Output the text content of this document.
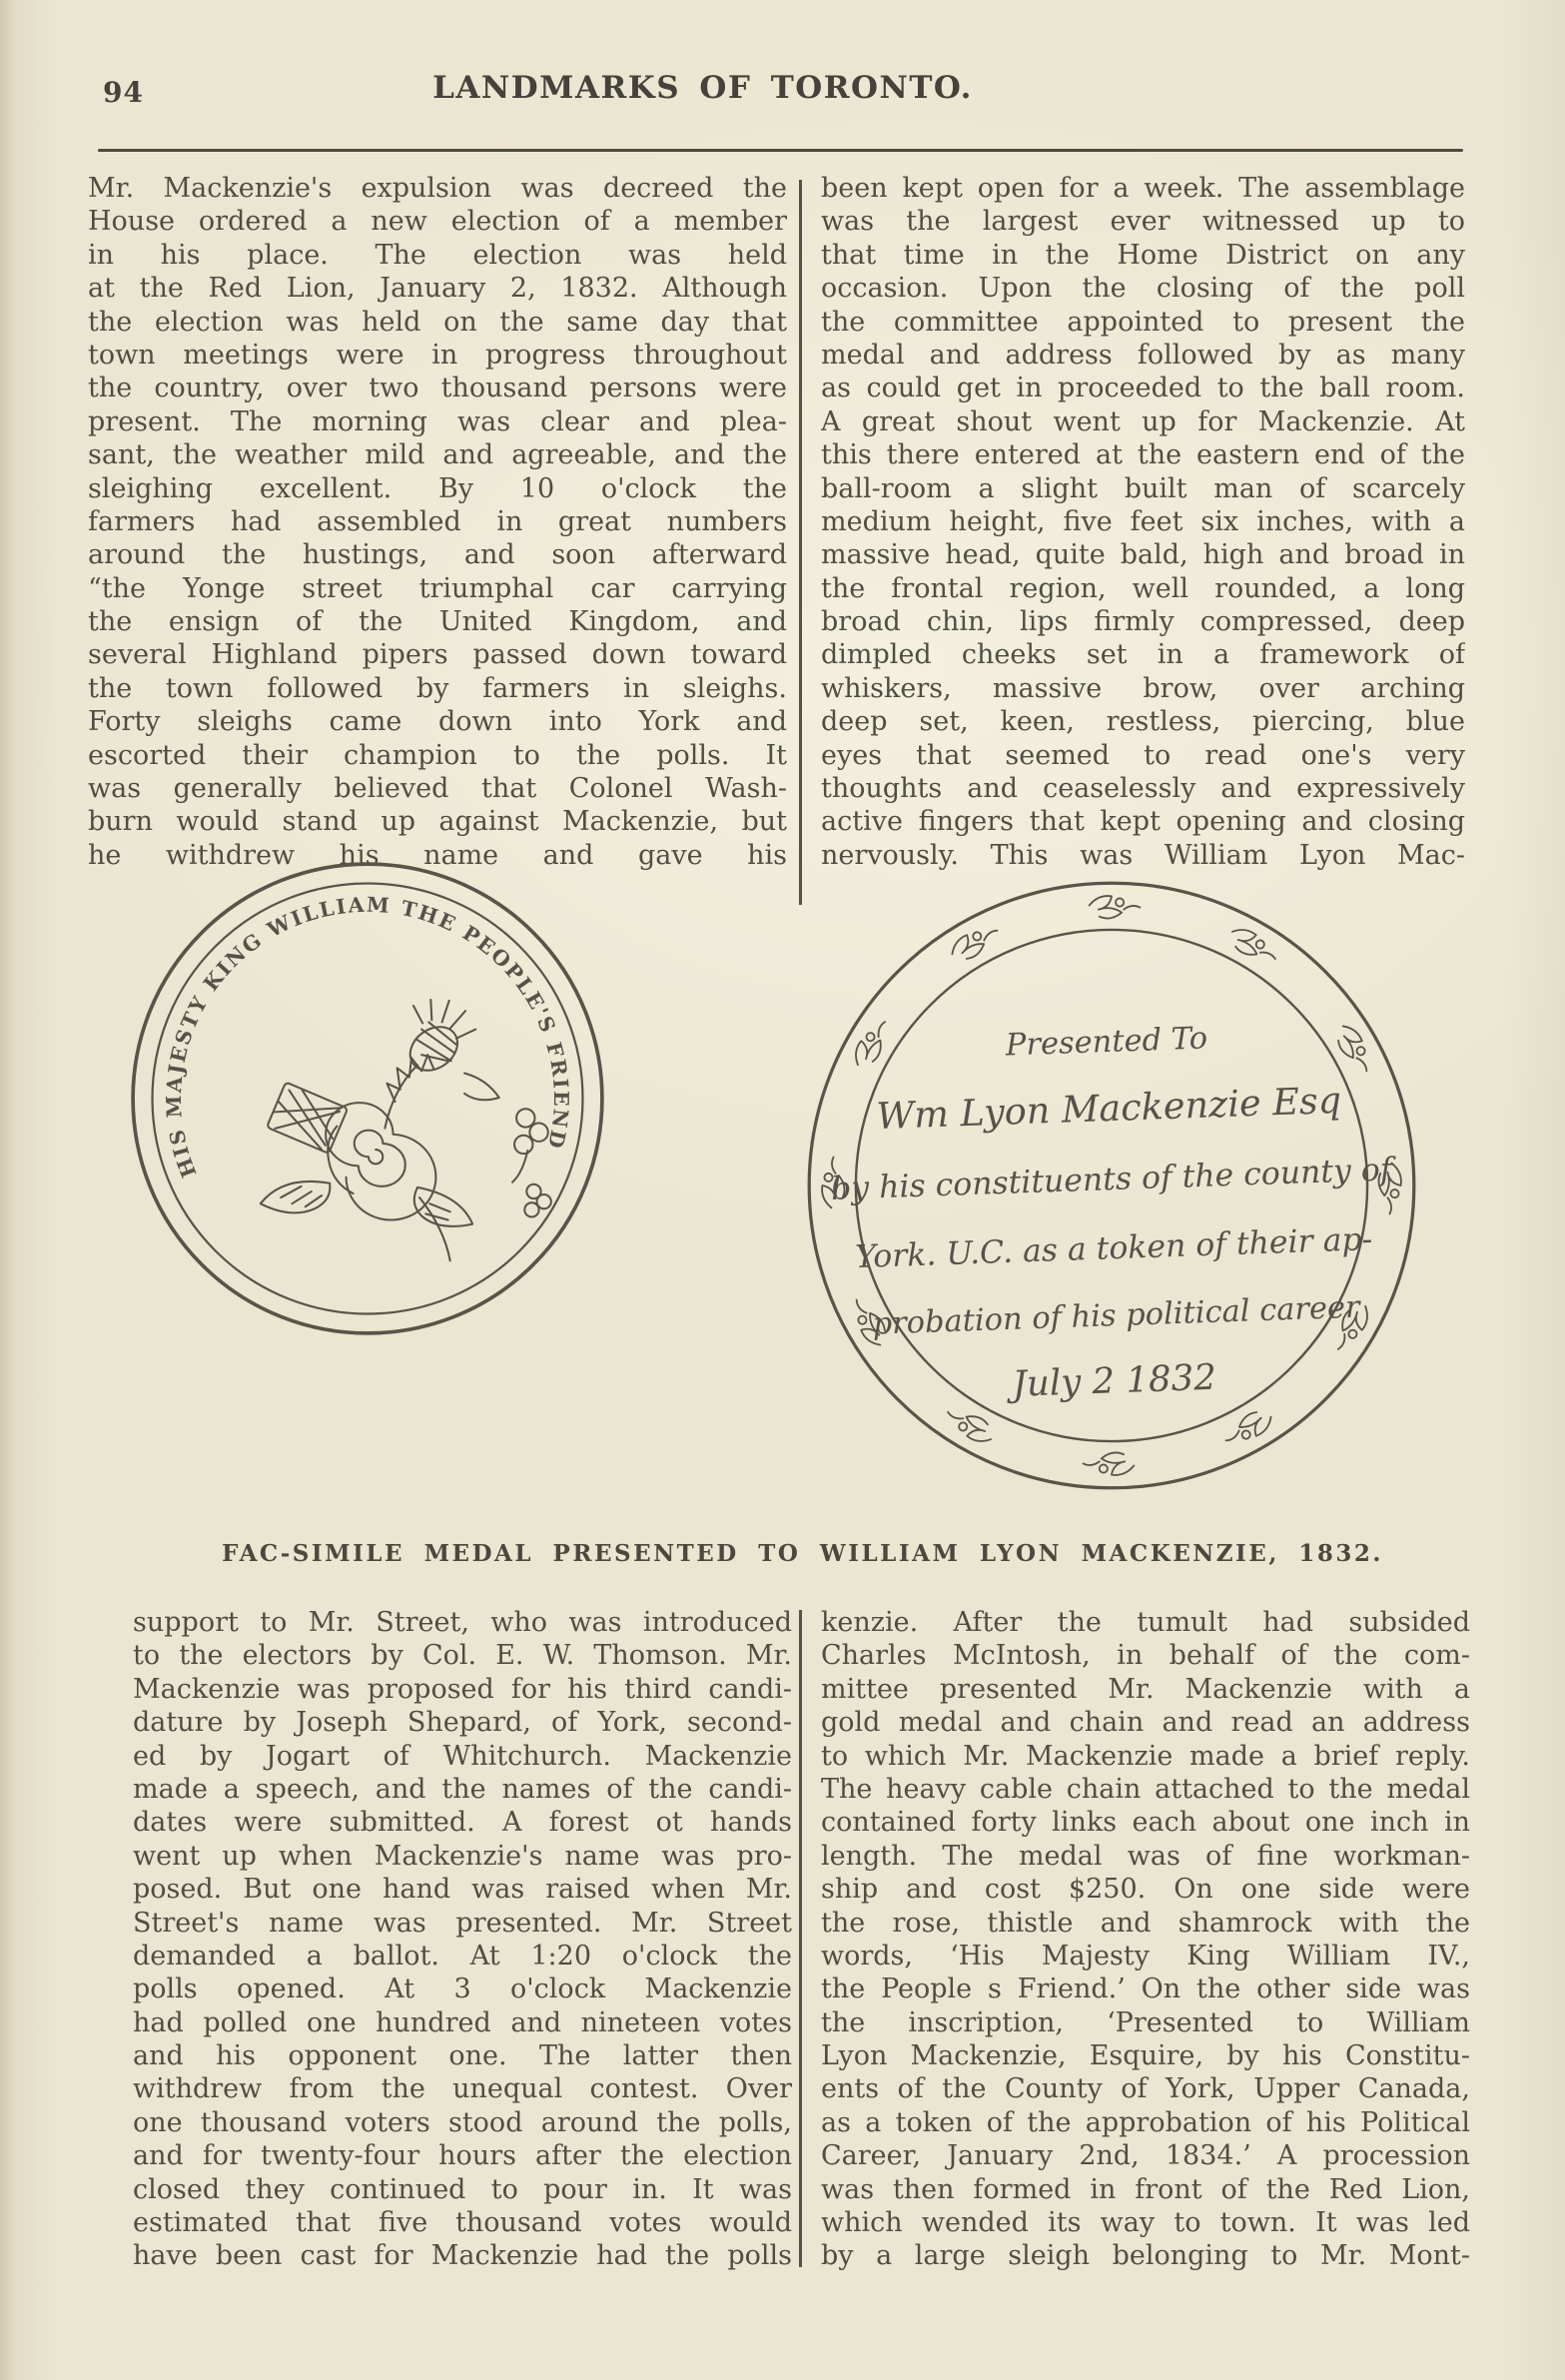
94	LANDMARKS OF TORONTO.
Mr. Mackenzie's expulsion was decreed the
House ordered a new election of a member
in his place. The election was held
at the Red Lion, January 2, 1832. Although
the election was held on the same day that
town meetings were in progress throughout
the country, over two thousand persons were
present. The morning was clear and plea-
sant, the weather mild and agreeable, and the
sleighing excellent. By 10 o'clock the
farmers had assembled in great numbers
around the hustings, and soon afterward
“the Yonge street triumphal car carrying
the ensign of the United Kingdom, and
several Highland pipers passed down toward
the town followed by farmers in sleighs.
Forty sleighs came down into York and
escorted their champion to the polls. It
was generally believed that Colonel Wash-
burn would stand up against Mackenzie, but
he withdrew his name and gave his
been kept open for a week. The assemblage
was the largest ever witnessed up to
that time in the Home District on any
occasion. Upon the closing of the poll
the committee appointed to present the
medal and address followed by as many
as could get in proceeded to the ball room.
A great shout went up for Mackenzie. At
this there entered at the eastern end of the
ball-room a slight built man of scarcely
medium height, five feet six inches, with a
massive head, quite bald, high and broad in
the frontal region, well rounded, a long
broad chin, lips firmly compressed, deep
dimpled cheeks set in a framework of
whiskers, massive brow, over arching
deep set, keen, restless, piercing, blue
eyes that seemed to read one's very
thoughts and ceaselessly and expressively
active fingers that kept opening and closing
nervously. This was William Lyon Mac-
HIS MAJESTY KING WILLIAM THE PEOPLE'S FRIEND
Presented To
Wm Lyon Mackenzie Esq
by his constituents of the county of
York. U.C. as a token of their ap-
probation of his political career
July 2 1832
FAC-SIMILE MEDAL PRESENTED TO WILLIAM LYON MACKENZIE, 1832.
support to Mr. Street, who was introduced
to the electors by Col. E. W. Thomson. Mr.
Mackenzie was proposed for his third candi-
dature by Joseph Shepard, of York, second-
ed by Jogart of Whitchurch. Mackenzie
made a speech, and the names of the candi-
dates were submitted. A forest ot hands
went up when Mackenzie's name was pro-
posed. But one hand was raised when Mr.
Street's name was presented. Mr. Street
demanded a ballot. At 1:20 o'clock the
polls opened. At 3 o'clock Mackenzie
had polled one hundred and nineteen votes
and his opponent one. The latter then
withdrew from the unequal contest. Over
one thousand voters stood around the polls,
and for twenty-four hours after the election
closed they continued to pour in. It was
estimated that five thousand votes would
have been cast for Mackenzie had the polls
kenzie. After the tumult had subsided
Charles McIntosh, in behalf of the com-
mittee presented Mr. Mackenzie with a
gold medal and chain and read an address
to which Mr. Mackenzie made a brief reply.
The heavy cable chain attached to the medal
contained forty links each about one inch in
length. The medal was of fine workman-
ship and cost $250. On one side were
the rose, thistle and shamrock with the
words, ‘His Majesty King William IV.,
the People s Friend.’ On the other side was
the inscription, ‘Presented to William
Lyon Mackenzie, Esquire, by his Constitu-
ents of the County of York, Upper Canada,
as a token of the approbation of his Political
Career, January 2nd, 1834.’ A procession
was then formed in front of the Red Lion,
which wended its way to town. It was led
by a large sleigh belonging to Mr. Mont-
